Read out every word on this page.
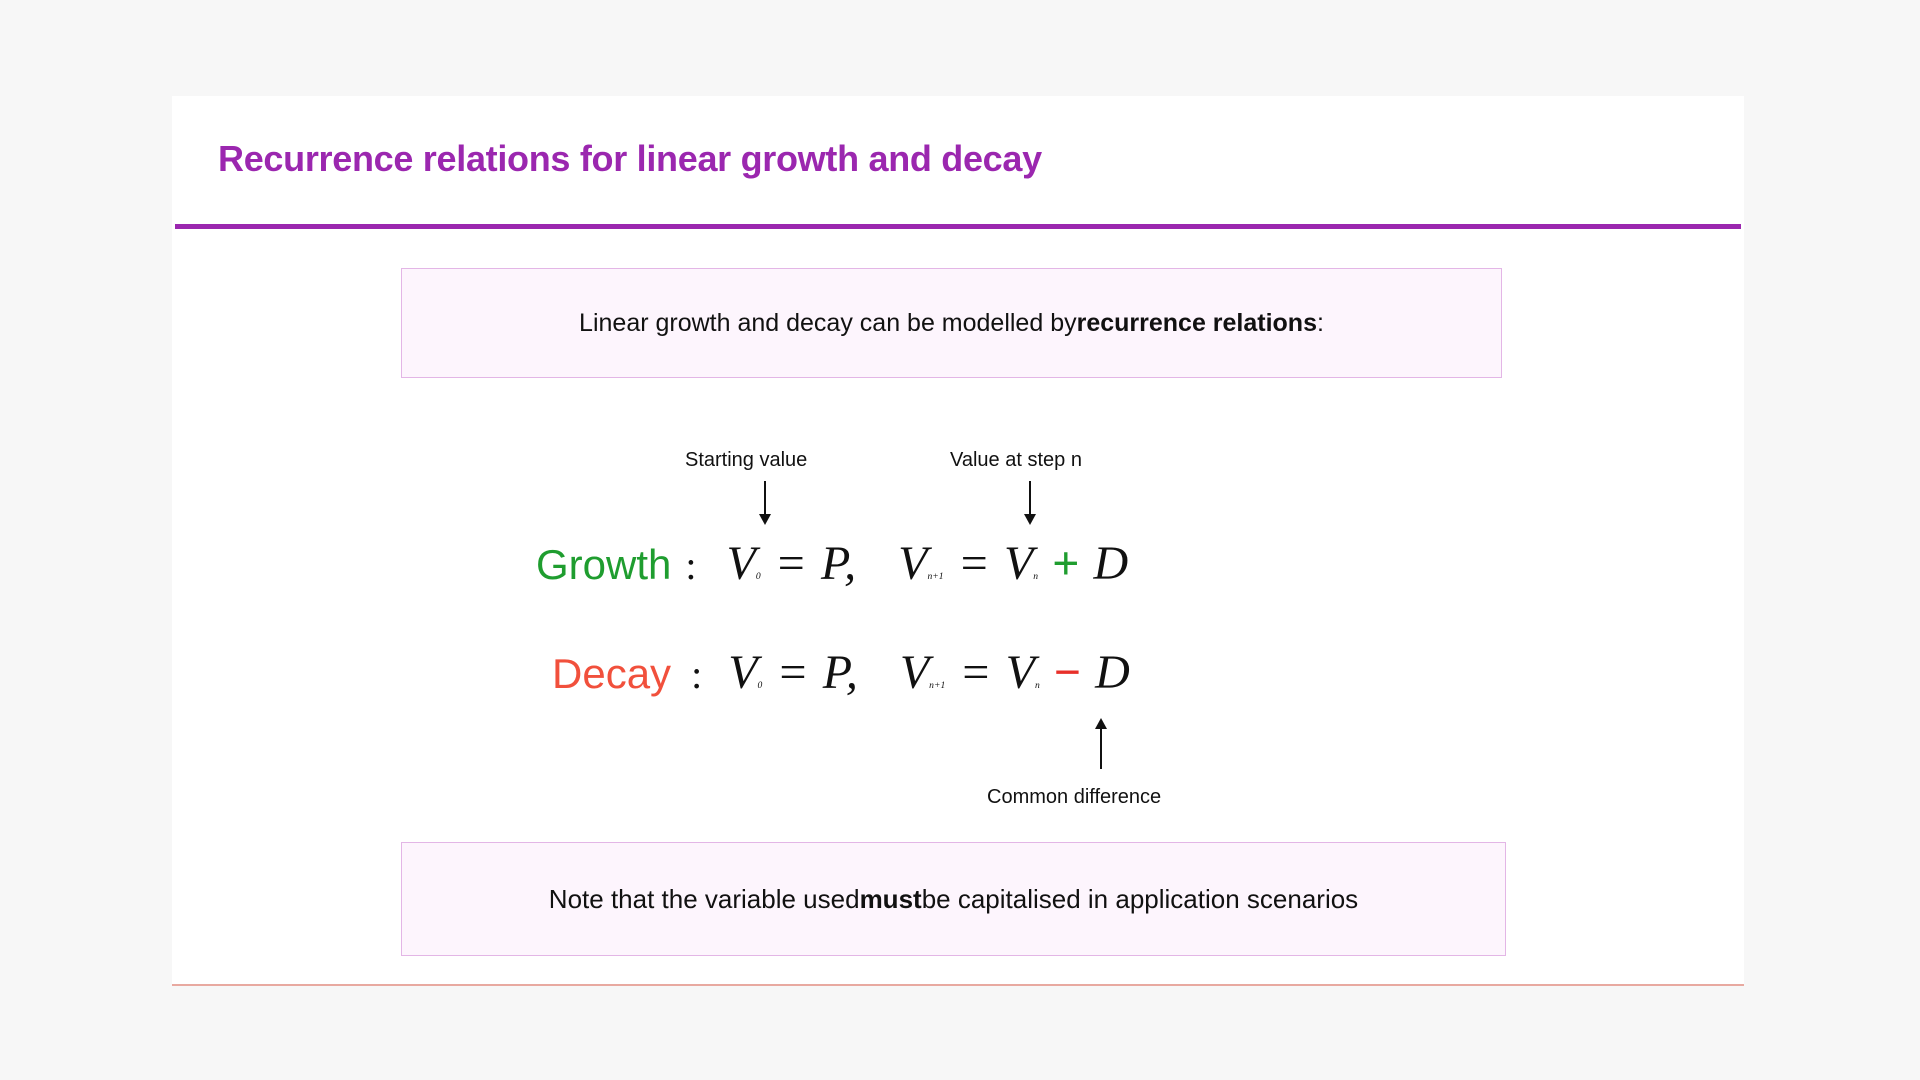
Recurrence relations for linear growth and decay
Linear growth and decay can be modelled by recurrence relations :
Starting value	Value at step n
Growth : V 0 = P, V n+1 = V n + D
Decay : V 0 = P, V n+1 = V n − D
Common difference
Note that the variable used must be capitalised in application scenarios
